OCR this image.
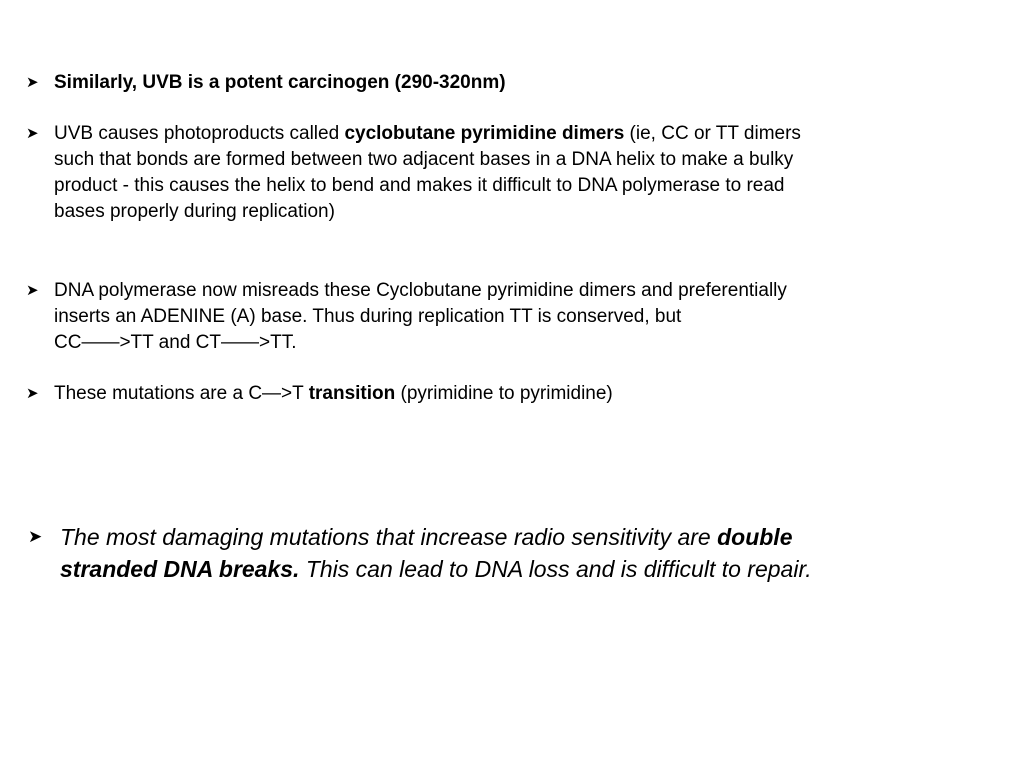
➤ Similarly, UVB is a potent carcinogen (290-320nm)
➤ UVB causes photoproducts called cyclobutane pyrimidine dimers (ie, CC or TT dimers
such that bonds are formed between two adjacent bases in a DNA helix to make a bulky
product - this causes the helix to bend and makes it difficult to DNA polymerase to read
bases properly during replication)
➤ DNA polymerase now misreads these Cyclobutane pyrimidine dimers and preferentially
inserts an ADENINE (A) base. Thus during replication TT is conserved, but
CC——>TT and CT——>TT.
➤ These mutations are a C—>T transition (pyrimidine to pyrimidine)
➤ The most damaging mutations that increase radio sensitivity are double
stranded DNA breaks. This can lead to DNA loss and is difficult to repair.
